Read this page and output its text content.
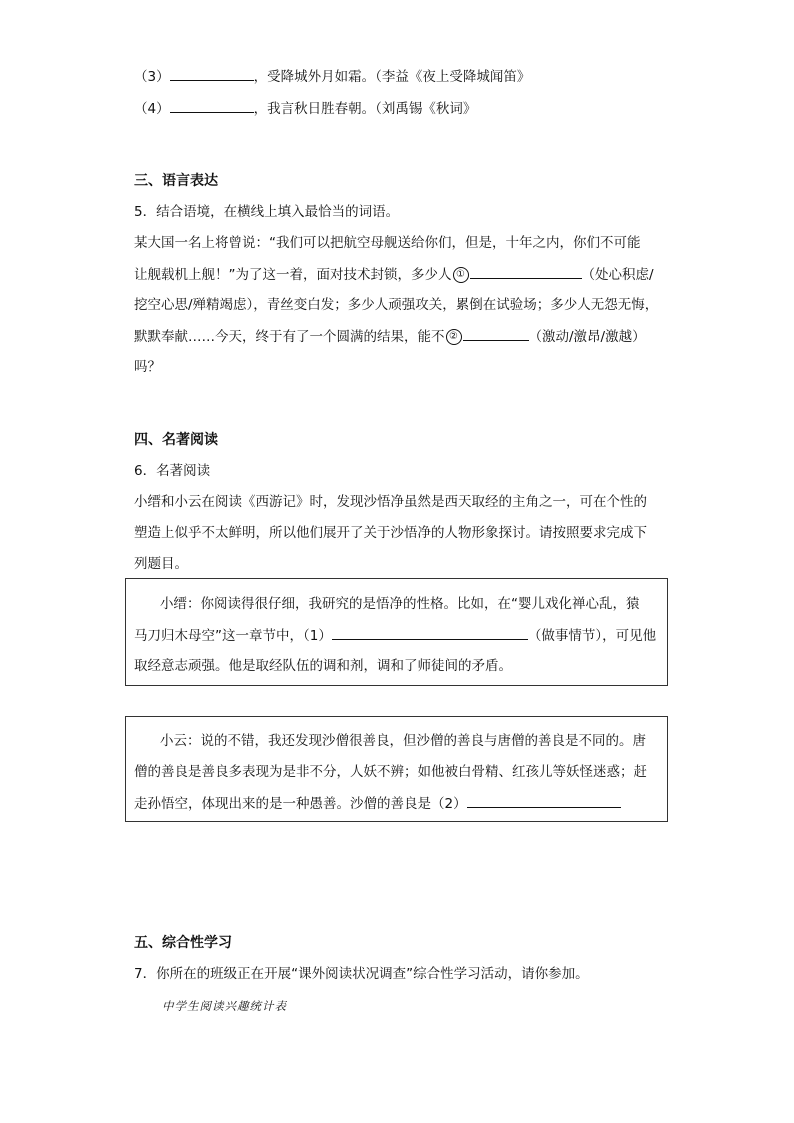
（3）	，受降城外月如霜。（李益《夜上受降城闻笛》
（4）	，我言秋日胜春朝。（刘禹锡《秋词》
三、语言表达
5．结合语境，在横线上填入最恰当的词语。
某大国一名上将曾说：“我们可以把航空母舰送给你们，但是，十年之内，你们不可能
让舰载机上舰！”为了这一着，面对技术封锁，多少人 ①	（处心积虑/
挖空心思/殚精竭虑），青丝变白发；多少人顽强攻关，累倒在试验场；多少人无怨无悔，
默默奉献……今天，终于有了一个圆满的结果，能不 ②	（激动/激昂/激越）
吗？
四、名著阅读
6．名著阅读
小缙和小云在阅读《西游记》时，发现沙悟净虽然是西天取经的主角之一，可在个性的
塑造上似乎不太鲜明，所以他们展开了关于沙悟净的人物形象探讨。请按照要求完成下
列题目。
小缙：你阅读得很仔细，我研究的是悟净的性格。比如，在“婴儿戏化禅心乱，猿
马刀归木母空”这一章节中，（1）	（做事情节），可见他
取经意志顽强。他是取经队伍的调和剂，调和了师徒间的矛盾。
小云：说的不错，我还发现沙僧很善良，但沙僧的善良与唐僧的善良是不同的。唐
僧的善良是善良多表现为是非不分，人妖不辨；如他被白骨精、红孩儿等妖怪迷惑；赶
走孙悟空，体现出来的是一种愚善。沙僧的善良是（2）
五、综合性学习
7．你所在的班级正在开展“课外阅读状况调查”综合性学习活动，请你参加。
中学生阅读兴趣统计表
